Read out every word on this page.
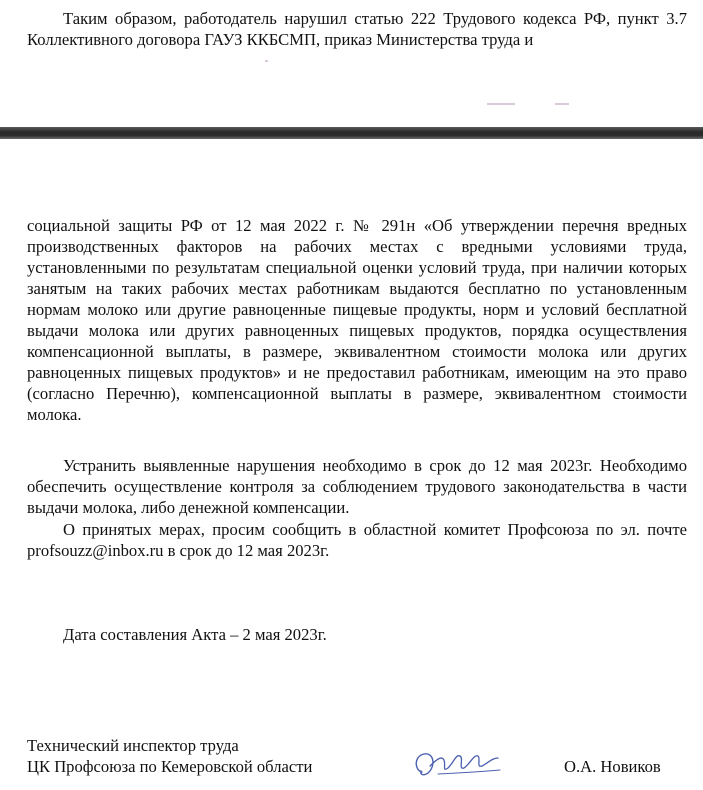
Таким образом, работодатель нарушил статью 222 Трудового кодекса РФ, пункт 3.7 Коллективного договора ГАУЗ ККБСМП, приказ Министерства труда и

социальной защиты РФ от 12 мая 2022 г. № 291н «Об утверждении перечня вредных производственных факторов на рабочих местах с вредными условиями труда, установленными по результатам специальной оценки условий труда, при наличии которых занятым на таких рабочих местах работникам выдаются бесплатно по установленным нормам молоко или другие равноценные пищевые продукты, норм и условий бесплатной выдачи молока или других равноценных пищевых продуктов, порядка осуществления компенсационной выплаты, в размере, эквивалентном стоимости молока или других равноценных пищевых продуктов» и не предоставил работникам, имеющим на это право (согласно Перечню), компенсационной выплаты в размере, эквивалентном стоимости молока.

Устранить выявленные нарушения необходимо в срок до 12 мая 2023г. Необходимо обеспечить осуществление контроля за соблюдением трудового законодательства в части выдачи молока, либо денежной компенсации.

О принятых мерах, просим сообщить в областной комитет Профсоюза по эл. почте profsouzz@inbox.ru в срок до 12 мая 2023г.

Дата составления Акта – 2 мая 2023г.

Технический инспектор труда

ЦК Профсоюза по Кемеровской области	О.А. Новиков
